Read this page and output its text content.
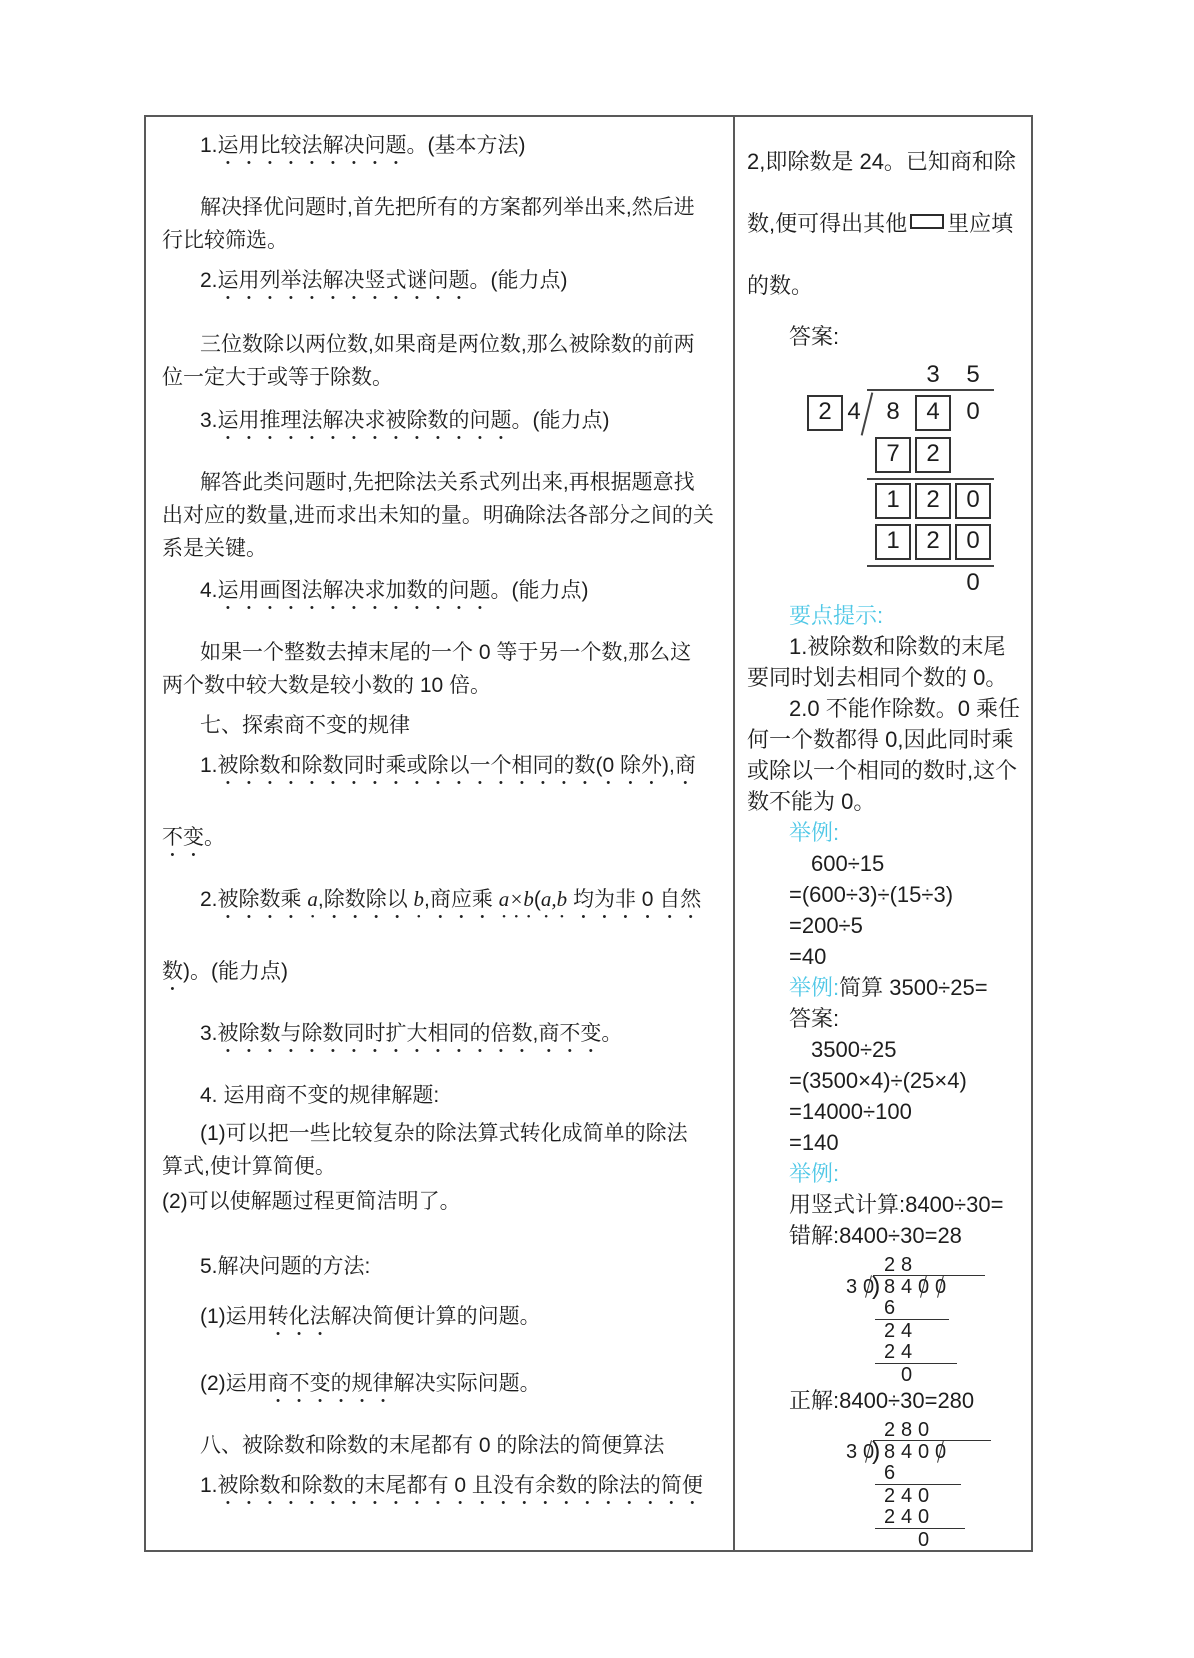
1.运用比较法解决问题。(基本方法)
解决择优问题时,首先把所有的方案都列举出来,然后进
行比较筛选。
2.运用列举法解决竖式谜问题。(能力点)
三位数除以两位数,如果商是两位数,那么被除数的前两
位一定大于或等于除数。
3.运用推理法解决求被除数的问题。(能力点)
解答此类问题时,先把除法关系式列出来,再根据题意找
出对应的数量,进而求出未知的量。明确除法各部分之间的关
系是关键。
4.运用画图法解决求加数的问题。(能力点)
如果一个整数去掉末尾的一个 0 等于另一个数,那么这
两个数中较大数是较小数的 10 倍。
七、探索商不变的规律
1.被除数和除数同时乘或除以一个相同的数(0 除外),商
不变。
2.被除数乘 a,除数除以 b,商应乘 a×b(a,b 均为非 0 自然
数)。(能力点)
3.被除数与除数同时扩大相同的倍数,商不变。
4. 运用商不变的规律解题:
(1)可以把一些比较复杂的除法算式转化成简单的除法
算式,使计算简便。
(2)可以使解题过程更简洁明了。
5.解决问题的方法:
(1)运用转化法解决简便计算的问题。
(2)运用商不变的规律解决实际问题。
八、被除数和除数的末尾都有 0 的除法的简便算法
1.被除数和除数的末尾都有 0 且没有余数的除法的简便
2,即除数是 24。已知商和除
数,便可得出其他 里应填
的数。
答案:
3	5
2 4	8	4	0
7	2
1	2	0
1	2	0
0
要点提示:
1.被除数和除数的末尾
要同时划去相同个数的 0。
2.0 不能作除数。0 乘任
何一个数都得 0,因此同时乘
或除以一个相同的数时,这个
数不能为 0。
举例:
600÷15
=(600÷3)÷(15÷3)
=200÷5
=40
举例:简算 3500÷25=
答案:
3500÷25
=(3500×4)÷(25×4)
=14000÷100
=140
举例:
用竖式计算:8400÷30=
错解:8400÷30=28
2 8
3 0
) 8 4 0 0
6
2 4
2 4
0
正解:8400÷30=280
2 8 0
3 0
) 8 4 0 0
6
2 4 0
2 4 0
0
